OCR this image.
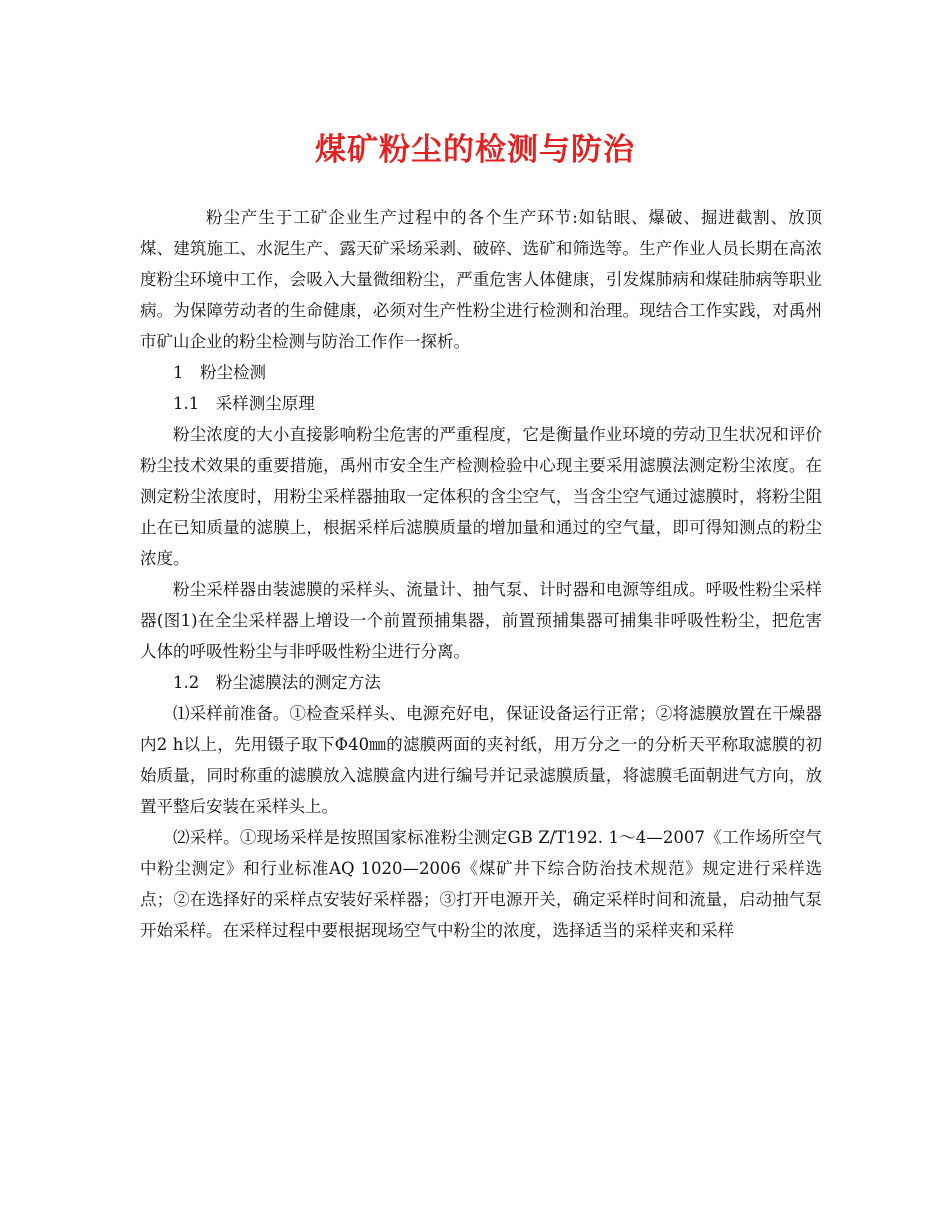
煤矿粉尘的检测与防治

粉尘产生于工矿企业生产过程中的各个生产环节:如钻眼、爆破、掘进截割、放顶煤、建筑施工、水泥生产、露天矿采场采剥、破碎、选矿和筛选等。生产作业人员长期在高浓度粉尘环境中工作，会吸入大量微细粉尘，严重危害人体健康，引发煤肺病和煤硅肺病等职业病。为保障劳动者的生命健康，必须对生产性粉尘进行检测和治理。现结合工作实践，对禹州市矿山企业的粉尘检测与防治工作作一探析。

1　粉尘检测

1.1　采样测尘原理

粉尘浓度的大小直接影响粉尘危害的严重程度，它是衡量作业环境的劳动卫生状况和评价粉尘技术效果的重要措施，禹州市安全生产检测检验中心现主要采用滤膜法测定粉尘浓度。在测定粉尘浓度时，用粉尘采样器抽取一定体积的含尘空气，当含尘空气通过滤膜时，将粉尘阻止在已知质量的滤膜上，根据采样后滤膜质量的增加量和通过的空气量，即可得知测点的粉尘浓度。

粉尘采样器由装滤膜的采样头、流量计、抽气泵、计时器和电源等组成。呼吸性粉尘采样器(图1)在全尘采样器上增设一个前置预捕集器，前置预捕集器可捕集非呼吸性粉尘，把危害人体的呼吸性粉尘与非呼吸性粉尘进行分离。

1.2　粉尘滤膜法的测定方法

⑴采样前准备。①检查采样头、电源充好电，保证设备运行正常；②将滤膜放置在干燥器内2 h以上，先用镊子取下Φ40㎜的滤膜两面的夹衬纸，用万分之一的分析天平称取滤膜的初始质量，同时称重的滤膜放入滤膜盒内进行编号并记录滤膜质量，将滤膜毛面朝进气方向，放置平整后安装在采样头上。

⑵采样。①现场采样是按照国家标准粉尘测定GB Z/T192. 1～4—2007《工作场所空气中粉尘测定》和行业标准AQ 1020—2006《煤矿井下综合防治技术规范》规定进行采样选点；②在选择好的采样点安装好采样器；③打开电源开关，确定采样时间和流量，启动抽气泵开始采样。在采样过程中要根据现场空气中粉尘的浓度，选择适当的采样夹和采样
